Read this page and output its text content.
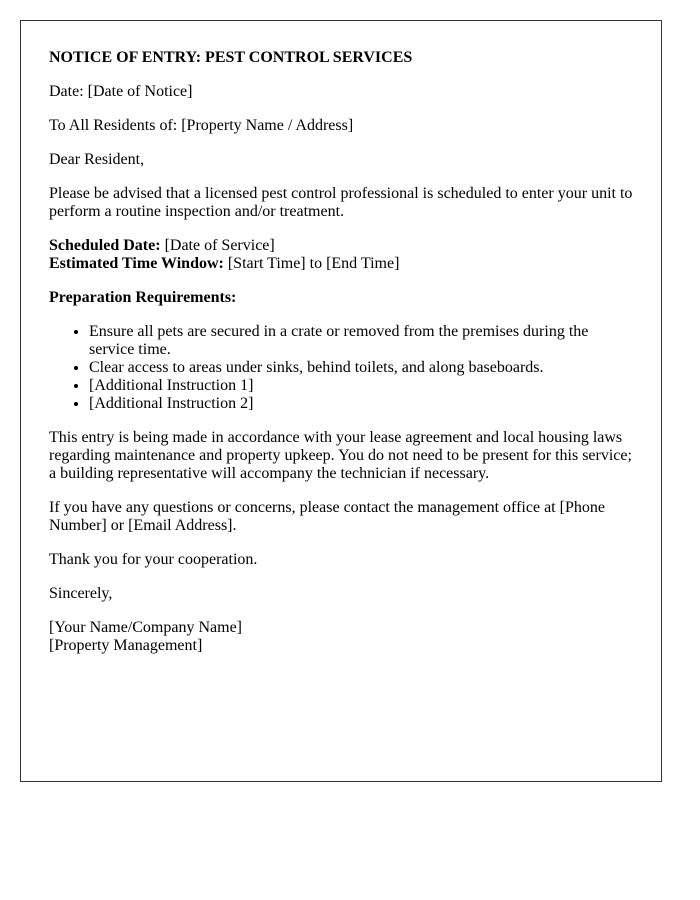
NOTICE OF ENTRY: PEST CONTROL SERVICES

Date: [Date of Notice]

To All Residents of: [Property Name / Address]

Dear Resident,

Please be advised that a licensed pest control professional is scheduled to enter your unit to perform a routine inspection and/or treatment.

Scheduled Date: [Date of Service]
Estimated Time Window: [Start Time] to [End Time]

Preparation Requirements:

• Ensure all pets are secured in a crate or removed from the premises during the service time.
• Clear access to areas under sinks, behind toilets, and along baseboards.
• [Additional Instruction 1]
• [Additional Instruction 2]

This entry is being made in accordance with your lease agreement and local housing laws regarding maintenance and property upkeep. You do not need to be present for this service; a building representative will accompany the technician if necessary.

If you have any questions or concerns, please contact the management office at [Phone Number] or [Email Address].

Thank you for your cooperation.

Sincerely,

[Your Name/Company Name]
[Property Management]
